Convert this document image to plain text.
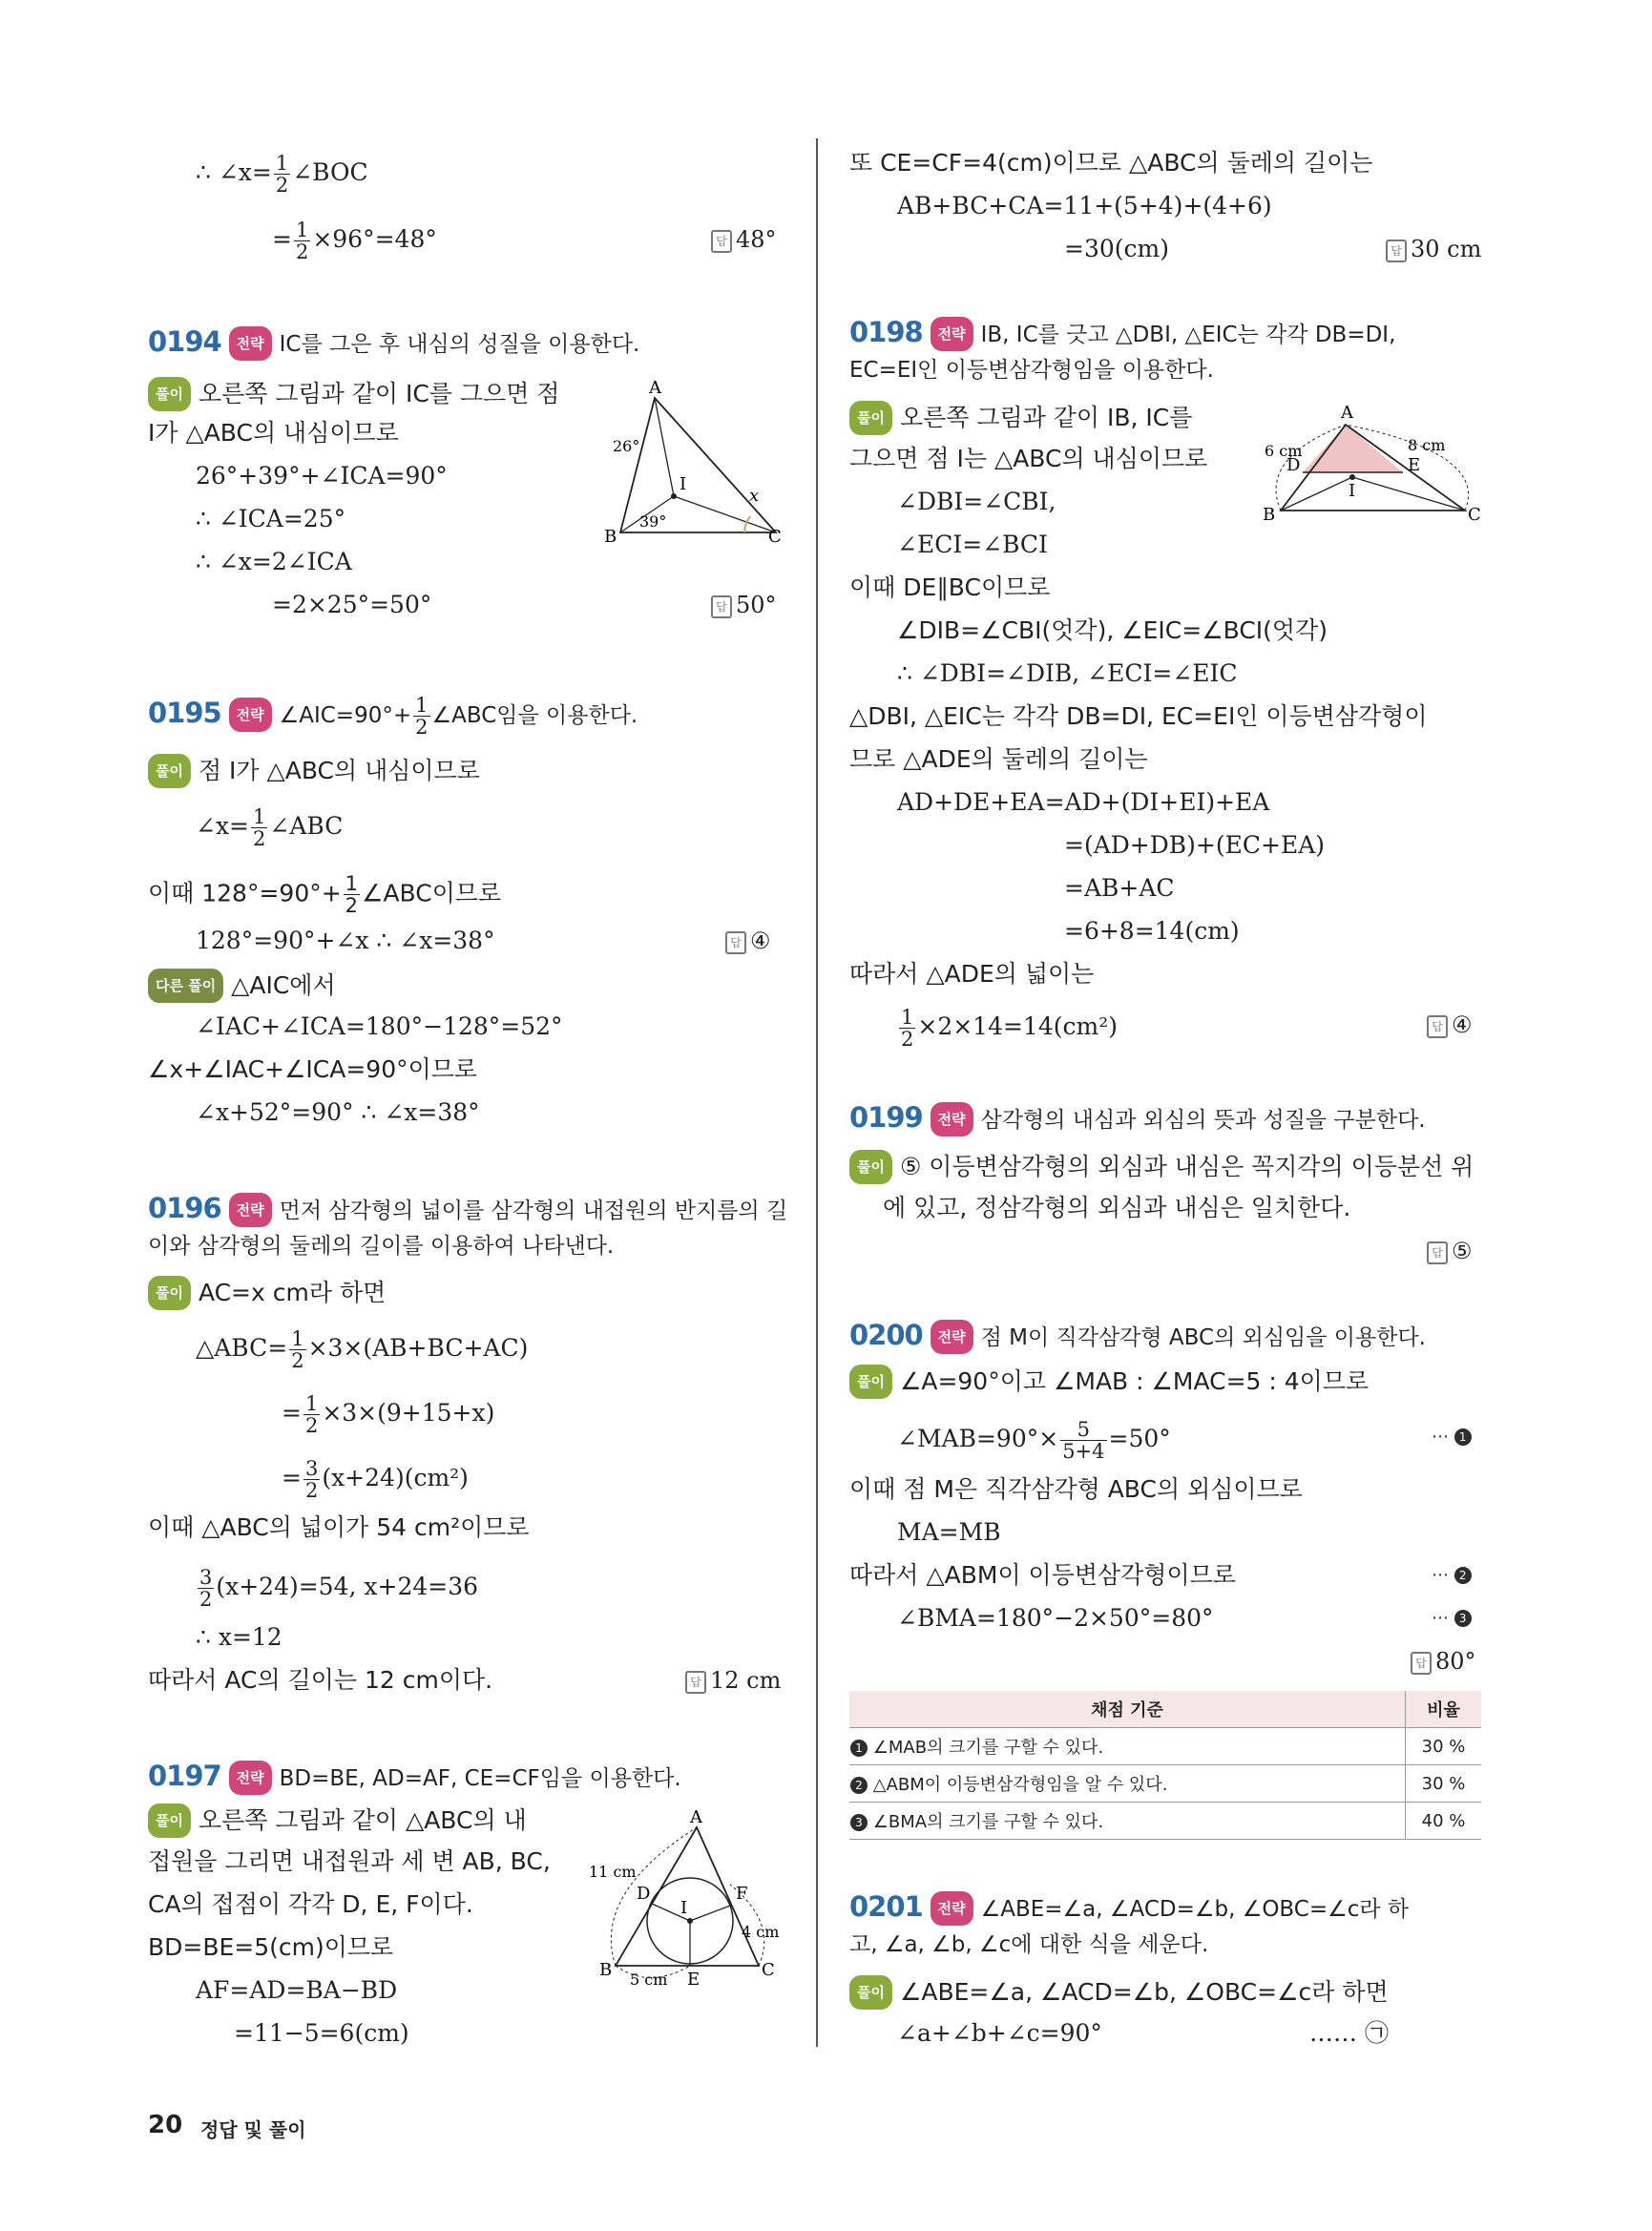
∴ ∠x= $\frac{1}{2}$ ∠BOC
= $\frac{1}{2} \times 96^\circ=48^\circ$	답 48°
0194 전략 IC를 그은 후 내심의 성질을 이용한다.
풀이 오른쪽 그림과 같이 IC를 그으면 점
I가 △ABC의 내심이므로
26°+39°+∠ICA=90°
∴ ∠ICA=25°
∴ ∠x=2∠ICA
=2×25°=50°	답 50°
A
B	C
I
x
26°
39°
0195 전략 ∠AIC=90°+ $\frac{1}{2}$ ∠ABC임을 이용한다.
풀이 점 I가 △ABC의 내심이므로
∠x= $\frac{1}{2}$ ∠ABC
이때 $128^\circ=90^\circ+ \frac{1}{2}$ ∠ABC이므로
128°=90°+∠x ∴ ∠x=38°	답 ④
다른 풀이 △AIC에서
∠IAC+∠ICA=180°−128°=52°
∠x+∠IAC+∠ICA=90°이므로
∠x+52°=90° ∴ ∠x=38°
0196 전략 먼저 삼각형의 넓이를 삼각형의 내접원의 반지름의 길
이와 삼각형의 둘레의 길이를 이용하여 나타낸다.
풀이 AC=x cm라 하면
△ABC= $\frac{1}{2} \times 3\times(AB+BC+AC)$
= $\frac{1}{2} \times 3\times(9+15+x)$
= $\frac{3}{2} (x+24)(cm^2)$
이때 △ABC의 넓이가 54 cm²이므로
$\frac{3}{2} (x+24)=54$, x+24=36
∴ x=12
따라서 AC의 길이는 12 cm이다.	답 12 cm
0197 전략 BD=BE, AD=AF, CE=CF임을 이용한다.
풀이 오른쪽 그림과 같이 △ABC의 내
접원을 그리면 내접원과 세 변 AB, BC,
CA의 접점이 각각 D, E, F이다.
BD=BE=5(cm)이므로
AF=AD=BA−BD
=11−5=6(cm)
A
B	C
D
E
F
I
11 cm
4 cm
5 cm
또 CE=CF=4(cm)이므로 △ABC의 둘레의 길이는
AB+BC+CA=11+(5+4)+(4+6)
=30(cm)	답 30 cm
0198 전략 IB, IC를 긋고 △DBI, △EIC는 각각 DB=DI,
EC=EI인 이등변삼각형임을 이용한다.
풀이 오른쪽 그림과 같이 IB, IC를
그으면 점 I는 △ABC의 내심이므로
∠DBI=∠CBI,
∠ECI=∠BCI
이때 DE∥BC이므로
∠DIB=∠CBI(엇각), ∠EIC=∠BCI(엇각)
∴ ∠DBI=∠DIB, ∠ECI=∠EIC
△DBI, △EIC는 각각 DB=DI, EC=EI인 이등변삼각형이
므로 △ADE의 둘레의 길이는
AD+DE+EA=AD+(DI+EI)+EA
=(AD+DB)+(EC+EA)
=AB+AC
=6+8=14(cm)
따라서 △ADE의 넓이는
$\frac{1}{2} \times 2\times 14=14(cm^2)$	답 ④
A
B	C
D	E
I
6 cm	8 cm
0199 전략 삼각형의 내심과 외심의 뜻과 성질을 구분한다.
풀이 ⑤ 이등변삼각형의 외심과 내심은 꼭지각의 이등분선 위
에 있고, 정삼각형의 외심과 내심은 일치한다.
답 ⑤
0200 전략 점 M이 직각삼각형 ABC의 외심임을 이용한다.
풀이 ∠A=90°이고 ∠MAB : ∠MAC=5 : 4이므로
∠MAB=90°× $\frac{5}{5+4} =50^\circ$	⋯ 1
이때 점 M은 직각삼각형 ABC의 외심이므로
MA=MB
따라서 △ABM이 이등변삼각형이므로	⋯ 2
∠BMA=180°−2×50°=80°	⋯ 3
답 80°
채점 기준	비율
1 ∠MAB의 크기를 구할 수 있다.	30 %
2 △ABM이 이등변삼각형임을 알 수 있다.	30 %
3 ∠BMA의 크기를 구할 수 있다.	40 %
0201 전략 ∠ABE=∠a, ∠ACD=∠b, ∠OBC=∠c라 하
고, ∠a, ∠b, ∠c에 대한 식을 세운다.
풀이 ∠ABE=∠a, ∠ACD=∠b, ∠OBC=∠c라 하면
∠a+∠b+∠c=90°	…… ㉠
20 정답 및 풀이
